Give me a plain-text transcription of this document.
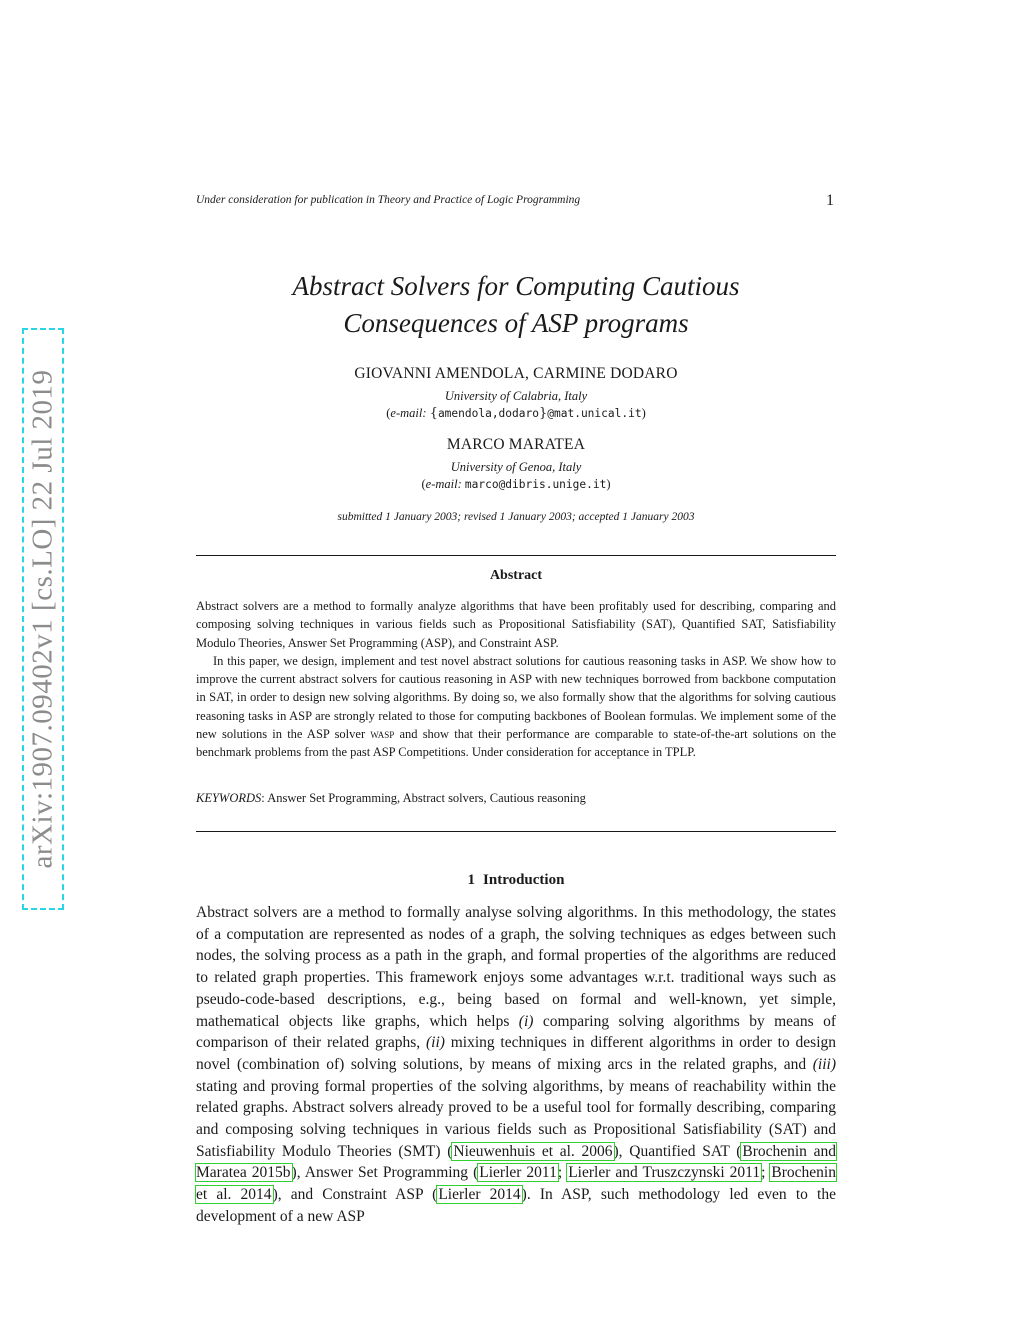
Under consideration for publication in Theory and Practice of Logic Programming	1
arXiv:1907.09402v1 [cs.LO] 22 Jul 2019
Abstract Solvers for Computing Cautious
Consequences of ASP programs
GIOVANNI AMENDOLA, CARMINE DODARO
University of Calabria, Italy
(e-mail: {amendola,dodaro}@mat.unical.it)
MARCO MARATEA
University of Genoa, Italy
(e-mail: marco@dibris.unige.it)
submitted 1 January 2003; revised 1 January 2003; accepted 1 January 2003
Abstract

Abstract solvers are a method to formally analyze algorithms that have been profitably used for describing, comparing and composing solving techniques in various fields such as Propositional Satisfiability (SAT), Quantified SAT, Satisfiability Modulo Theories, Answer Set Programming (ASP), and Constraint ASP.

In this paper, we design, implement and test novel abstract solutions for cautious reasoning tasks in ASP. We show how to improve the current abstract solvers for cautious reasoning in ASP with new techniques borrowed from backbone computation in SAT, in order to design new solving algorithms. By doing so, we also formally show that the algorithms for solving cautious reasoning tasks in ASP are strongly related to those for computing backbones of Boolean formulas. We implement some of the new solutions in the ASP solver wasp and show that their performance are comparable to state-of-the-art solutions on the benchmark problems from the past ASP Competitions. Under consideration for acceptance in TPLP.

KEYWORDS: Answer Set Programming, Abstract solvers, Cautious reasoning
1 Introduction

Abstract solvers are a method to formally analyse solving algorithms. In this methodology, the states of a computation are represented as nodes of a graph, the solving techniques as edges between such nodes, the solving process as a path in the graph, and formal properties of the algorithms are reduced to related graph properties. This framework enjoys some advantages w.r.t. traditional ways such as pseudo-code-based descriptions, e.g., being based on formal and well-known, yet simple, mathematical objects like graphs, which helps (i) comparing solving algorithms by means of comparison of their related graphs, (ii) mixing techniques in different algorithms in order to design novel (combination of) solving solutions, by means of mixing arcs in the related graphs, and (iii) stating and proving formal properties of the solving algorithms, by means of reachability within the related graphs. Abstract solvers already proved to be a useful tool for formally describing, comparing and composing solving techniques in various fields such as Propositional Satisfiability (SAT) and Satisfiability Modulo Theories (SMT) (Nieuwenhuis et al. 2006), Quantified SAT (Brochenin and Maratea 2015b), Answer Set Programming (Lierler 2011; Lierler and Truszczynski 2011; Brochenin et al. 2014), and Constraint ASP (Lierler 2014). In ASP, such methodology led even to the development of a new ASP
